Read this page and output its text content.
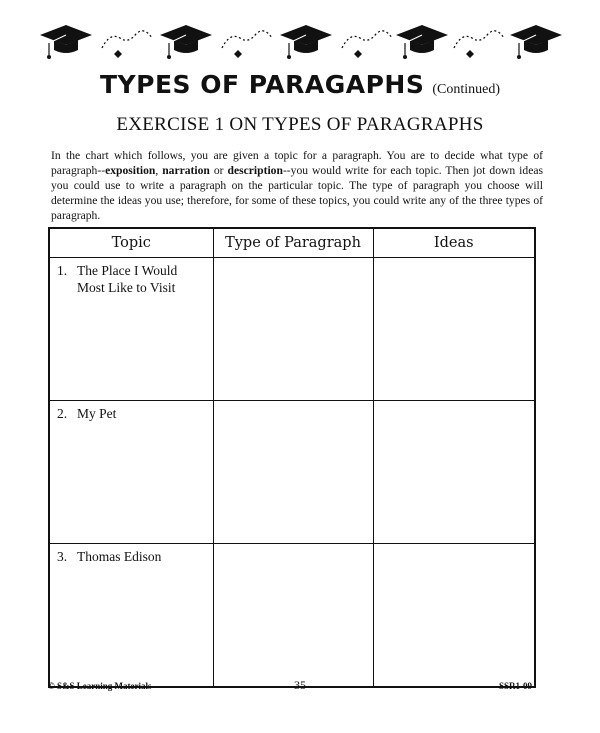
TYPES OF PARAGAPHS (Continued)
EXERCISE 1 ON TYPES OF PARAGRAPHS
In the chart which follows, you are given a topic for a paragraph. You are to decide what type of paragraph--exposition, narration or description--you would write for each topic. Then jot down ideas you could use to write a paragraph on the particular topic. The type of paragraph you choose will determine the ideas you use; therefore, for some of these topics, you could write any of the three types of paragraph.
Topic	Type of Paragraph	Ideas

1. The Place I Would Most Like to Visit		

2. My Pet		

3. Thomas Edison		

© S&S Learning Materials	35	SSR1-09
